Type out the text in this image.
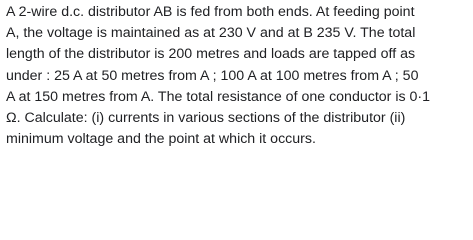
A 2-wire d.c. distributor AB is fed from both ends. At feeding point
A, the voltage is maintained as at 230 V and at B 235 V. The total
length of the distributor is 200 metres and loads are tapped off as
under : 25 A at 50 metres from A ; 100 A at 100 metres from A ; 50
A at 150 metres from A. The total resistance of one conductor is 0·1
Ω. Calculate: (i) currents in various sections of the distributor (ii)
minimum voltage and the point at which it occurs.
